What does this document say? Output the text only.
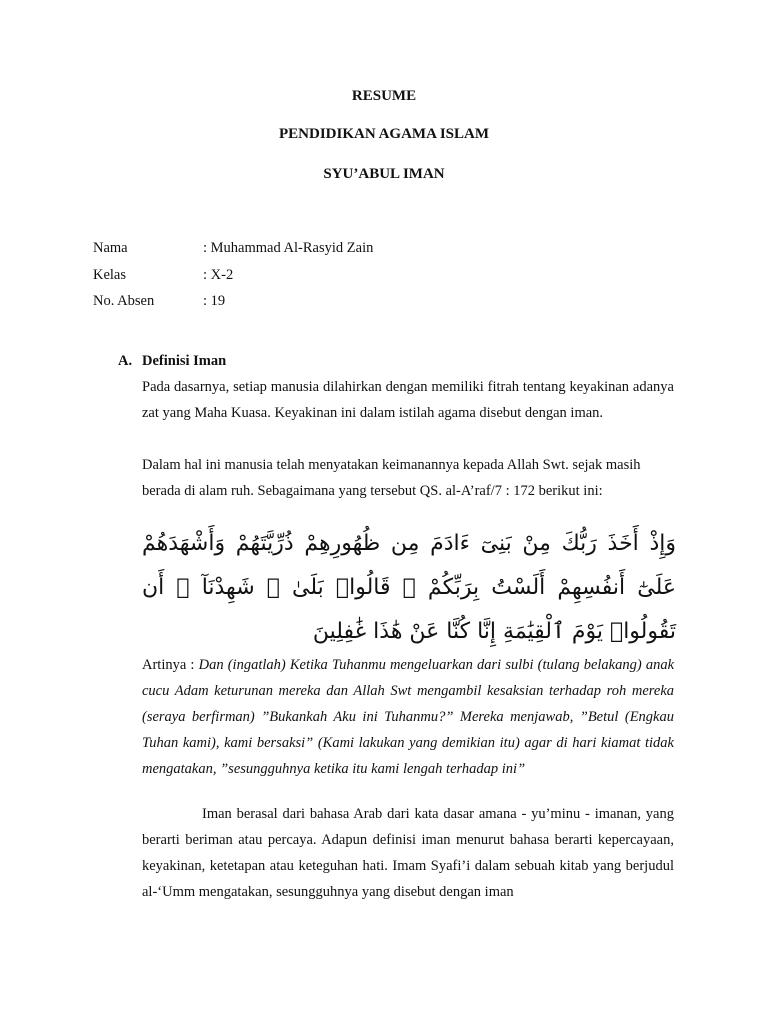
RESUME
PENDIDIKAN AGAMA ISLAM
SYU’ABUL IMAN
Nama	: Muhammad Al-Rasyid Zain
Kelas	: X-2
No. Absen	: 19
A. Definisi Iman

Pada dasarnya, setiap manusia dilahirkan dengan memiliki fitrah tentang keyakinan adanya zat yang Maha Kuasa. Keyakinan ini dalam istilah agama disebut dengan iman.

Dalam hal ini manusia telah menyatakan keimanannya kepada Allah Swt. sejak masih berada di alam ruh. Sebagaimana yang tersebut QS. al-A’raf/7 : 172 berikut ini:

وَإِذْ أَخَذَ رَبُّكَ مِنْ بَنِىٓ ءَادَمَ مِن ظُهُورِهِمْ ذُرِّيَّتَهُمْ وَأَشْهَدَهُمْ عَلَىٰٓ أَنفُسِهِمْ أَلَسْتُ بِرَبِّكُمْ ۖ قَالُوا۟ بَلَىٰ ۛ شَهِدْنَآ ۛ أَن تَقُولُوا۟ يَوْمَ ٱلْقِيَٰمَةِ إِنَّا كُنَّا عَنْ هَٰذَا غَٰفِلِينَ

Artinya : Dan (ingatlah) Ketika Tuhanmu mengeluarkan dari sulbi (tulang belakang) anak cucu Adam keturunan mereka dan Allah Swt mengambil kesaksian terhadap roh mereka (seraya berfirman) ”Bukankah Aku ini Tuhanmu?” Mereka menjawab, ”Betul (Engkau Tuhan kami), kami bersaksi” (Kami lakukan yang demikian itu) agar di hari kiamat tidak mengatakan, ”sesungguhnya ketika itu kami lengah terhadap ini”

Iman berasal dari bahasa Arab dari kata dasar amana - yu’minu - imanan, yang berarti beriman atau percaya. Adapun definisi iman menurut bahasa berarti kepercayaan, keyakinan, ketetapan atau keteguhan hati. Imam Syafi’i dalam sebuah kitab yang berjudul al-‘Umm mengatakan, sesungguhnya yang disebut dengan iman
